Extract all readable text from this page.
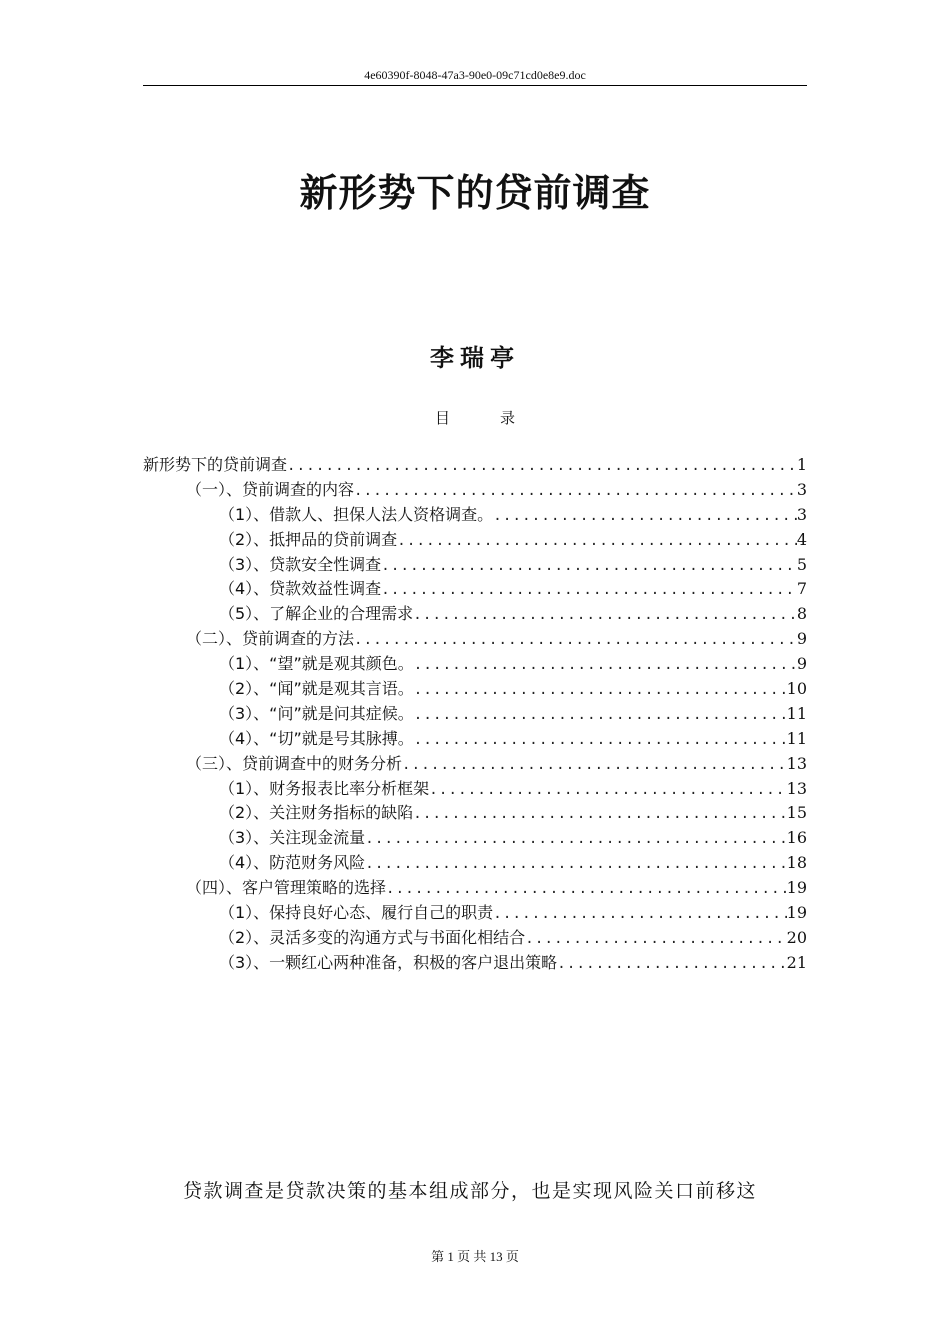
4e60390f-8048-47a3-90e0-09c71cd0e8e9.doc
新形势下的贷前调查
李瑞亭
目录
新形势下的贷前调查 .....	1
（一）、贷前调查的内容 .....	3
（1）、借款人、担保人法人资格调查。 .....	3
（2）、抵押品的贷前调查 .....	4
（3）、贷款安全性调查 .....	5
（4）、贷款效益性调查 .....	7
（5）、了解企业的合理需求 .....	8
（二）、贷前调查的方法 .....	9
（1）、“望”就是观其颜色。 .....	9
（2）、“闻”就是观其言语。 .....	10
（3）、“问”就是问其症候。 .....	11
（4）、“切”就是号其脉搏。 .....	11
（三）、贷前调查中的财务分析 .....	13
（1）、财务报表比率分析框架 .....	13
（2）、关注财务指标的缺陷 .....	15
（3）、关注现金流量 .....	16
（4）、防范财务风险 .....	18
（四）、客户管理策略的选择 .....	19
（1）、保持良好心态、履行自己的职责 .....	19
（2）、灵活多变的沟通方式与书面化相结合 .....	20
（3）、一颗红心两种准备，积极的客户退出策略 .....	21
贷款调查是贷款决策的基本组成部分，也是实现风险关口前移这
第 1 页 共 13 页
